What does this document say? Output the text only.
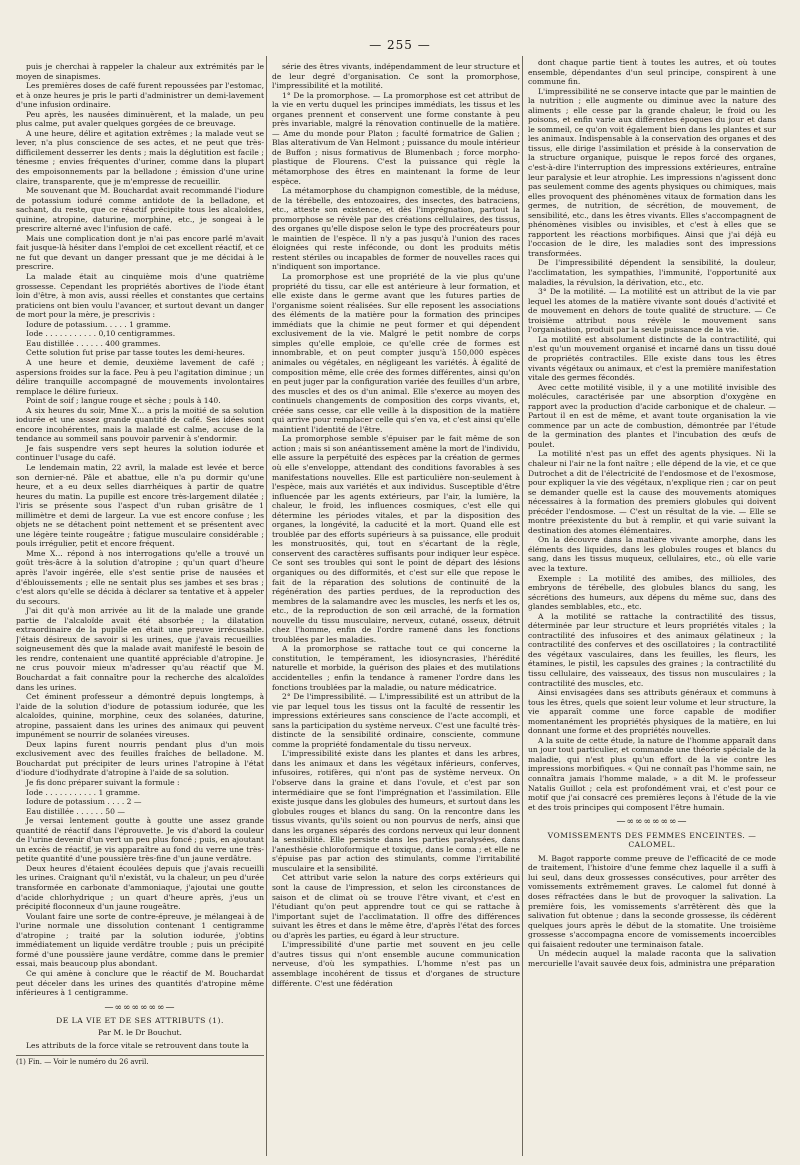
— 255 —

puis je cherchai à rappeler la chaleur aux extrémités par le moyen de sinapismes.

Les premières doses de café furent repoussées par l'estomac, et à onze heures je pris le parti d'administrer un demi-lavement d'une infusion ordinaire.

Peu après, les nausées diminuèrent, et la malade, un peu plus calme, put avaler quelques gorgées de ce breuvage.

A une heure, délire et agitation extrêmes ; la malade veut se lever, n'a plus conscience de ses actes, et ne peut que très-difficilement desserrer les dents ; mais la déglutition est facile ; ténesme ; envies fréquentes d'uriner, comme dans la plupart des empoisonnements par la belladone ; émission d'une urine claire, transparente, que je m'empresse de recueillir.

Me souvenant que M. Bouchardat avait recommandé l'iodure de potassium ioduré comme antidote de la belladone, et sachant, du reste, que ce réactif précipite tous les alcaloïdes, quinine, atropine, daturine, morphine, etc., je songeai à le prescrire alterné avec l'infusion de café.

Mais une complication dont je n'ai pas encore parlé m'avait fait jusque-là hésiter dans l'emploi de cet excellent réactif, et ce ne fut que devant un danger pressant que je me décidai à le prescrire.

La malade était au cinquième mois d'une quatrième grossesse. Cependant les propriétés abortives de l'iode étant loin d'être, à mon avis, aussi réelles et constantes que certains praticiens ont bien voulu l'avancer, et surtout devant un danger de mort pour la mère, je prescrivis :

Iodure de potassium. . . . . 1 gramme.

Iode . . . . . . . . . . . 0,10 centigrammes.

Eau distillée . . . . . . 400 grammes.

Cette solution fut prise par tasse toutes les demi-heures.

A une heure et demie, deuxième lavement de café ; aspersions froides sur la face. Peu à peu l'agitation diminue ; un délire tranquille accompagné de mouvements involontaires remplace le délire furieux.

Point de soif ; langue rouge et sèche ; pouls à 140.

A six heures du soir, Mme X... a pris la moitié de sa solution iodurée et une assez grande quantité de café. Ses idées sont encore incohérentes, mais la malade est calme, accuse de la tendance au sommeil sans pouvoir parvenir à s'endormir.

Je fais suspendre vers sept heures la solution iodurée et continuer l'usage du café.

Le lendemain matin, 22 avril, la malade est levée et berce son dernier-né. Pâle et abattue, elle n'a pu dormir qu'une heure, et a eu deux selles diarrhéiques à partir de quatre heures du matin. La pupille est encore très-largement dilatée ; l'iris se présente sous l'aspect d'un ruban grisâtre de 1 millimètre et demi de largeur. La vue est encore confuse ; les objets ne se détachent point nettement et se présentent avec une légère teinte rougeâtre ; fatigue musculaire considérable ; pouls irrégulier, petit et encore fréquent.

Mme X... répond à nos interrogations qu'elle a trouvé un goût très-âcre à la solution d'atropine ; qu'un quart d'heure après l'avoir ingérée, elle s'est sentie prise de nausées et d'éblouissements ; elle ne sentait plus ses jambes et ses bras ; c'est alors qu'elle se décida à déclarer sa tentative et à appeler du secours.

J'ai dit qu'à mon arrivée au lit de la malade une grande partie de l'alcaloïde avait été absorbée ; la dilatation extraordinaire de la pupille en était une preuve irrécusable. J'étais désireux de savoir si les urines, que j'avais recueillies soigneusement dès que la malade avait manifesté le besoin de les rendre, contenaient une quantité appréciable d'atropine. Je ne crus pouvoir mieux m'adresser qu'au réactif que M. Bouchardat a fait connaître pour la recherche des alcaloïdes dans les urines.

Cet éminent professeur a démontré depuis longtemps, à l'aide de la solution d'iodure de potassium iodurée, que les alcaloïdes, quinine, morphine, ceux des solanées, daturine, atropine, passaient dans les urines des animaux qui peuvent impunément se nourrir de solanées vireuses.

Deux lapins furent nourris pendant plus d'un mois exclusivement avec des feuilles fraîches de belladone. M. Bouchardat put précipiter de leurs urines l'atropine à l'état d'iodure d'iodhydrate d'atropine à l'aide de sa solution.

Je fis donc préparer suivant la formule :

Iode . . . . . . . . . . . 1 gramme.

Iodure de potassium . . . . 2 —

Eau distillée . . . . . . 50 —

Je versai lentement goutte à goutte une assez grande quantité de réactif dans l'éprouvette. Je vis d'abord la couleur de l'urine devenir d'un vert un peu plus foncé ; puis, en ajoutant un excès de réactif, je vis apparaître au fond du verre une très-petite quantité d'une poussière très-fine d'un jaune verdâtre.

Deux heures d'étaient écoulées depuis que j'avais recueilli les urines. Craignant qu'il n'existât, vu la chaleur, un peu d'urée transformée en carbonate d'ammoniaque, j'ajoutai une goutte d'acide chlorhydrique ; un quart d'heure après, j'eus un précipité floconneux d'un jaune rougeâtre.

Voulant faire une sorte de contre-épreuve, je mélangeai à de l'urine normale une dissolution contenant 1 centigramme d'atropine ; traité par la solution iodurée, j'obtins immédiatement un liquide verdâtre trouble ; puis un précipité formé d'une poussière jaune verdâtre, comme dans le premier essai, mais beaucoup plus abondant.

Ce qui amène à conclure que le réactif de M. Bouchardat peut déceler dans les urines des quantités d'atropine même inférieures à 1 centigramme.

—∞∞∞∞∞∞—
DE LA VIE ET DE SES ATTRIBUTS (1).
Par M. le Dr Bouchut.

Les attributs de la force vitale se retrouvent dans toute la

(1) Fin. — Voir le numéro du 26 avril.

série des êtres vivants, indépendamment de leur structure et de leur degré d'organisation. Ce sont la promorphose, l'impressibilité et la motilité.

1° De la promorphose. — La promorphose est cet attribut de la vie en vertu duquel les principes immédiats, les tissus et les organes prennent et conservent une forme constante à peu près invariable, malgré la rénovation continuelle de la matière. — Ame du monde pour Platon ; faculté formatrice de Galien ; Blas alterativum de Van Helmont ; puissance du moule intérieur de Buffon ; nisus formativus de Blumenbach ; force morpho-plastique de Flourens. C'est la puissance qui règle la métamorphose des êtres en maintenant la forme de leur espèce.

La métamorphose du champignon comestible, de la méduse, de la térébelle, des entozoaires, des insectes, des batraciens, etc., atteste son existence, et dès l'imprégnation, partout la promorphose se révèle par des créations cellulaires, des tissus, des organes qu'elle dispose selon le type des procréateurs pour le maintien de l'espèce. Il n'y a pas jusqu'à l'union des races éloignées qui reste inféconde, ou dont les produits métis restent stériles ou incapables de former de nouvelles races qui n'indiquent son importance.

La promorphose est une propriété de la vie plus qu'une propriété du tissu, car elle est antérieure à leur formation, et elle existe dans le germe avant que les futures parties de l'organisme soient réalisées. Sur elle reposent les associations des éléments de la matière pour la formation des principes immédiats que la chimie ne peut former et qui dépendent exclusivement de la vie. Malgré le petit nombre de corps simples qu'elle emploie, ce qu'elle crée de formes est innombrable, et on peut compter jusqu'à 150,000 espèces animales ou végétales, en négligeant les variétés. À égalité de composition même, elle crée des formes différentes, ainsi qu'on en peut juger par la configuration variée des feuilles d'un arbre, des muscles et des os d'un animal. Elle s'exerce au moyen des continuels changements de composition des corps vivants, et, créée sans cesse, car elle veille à la disposition de la matière qui arrive pour remplacer celle qui s'en va, et c'est ainsi qu'elle maintient l'identité de l'être.

La promorphose semble s'épuiser par le fait même de son action ; mais si son anéantissement amène la mort de l'individu, elle assure la perpétuité des espèces par la création de germes où elle s'enveloppe, attendant des conditions favorables à ses manifestations nouvelles. Elle est particulière non-seulement à l'espèce, mais aux variétés et aux individus. Susceptible d'être influencée par les agents extérieurs, par l'air, la lumière, la chaleur, le froid, les influences cosmiques, c'est elle qui détermine les périodes vitales, et par la disposition des organes, la longévité, la caducité et la mort. Quand elle est troublée par des efforts supérieurs à sa puissance, elle produit les monstruosités, qui, tout en s'écartant de la règle, conservent des caractères suffisants pour indiquer leur espèce. Ce sont ses troubles qui sont le point de départ des lésions organiques ou des difformités, et c'est sur elle que repose le fait de la réparation des solutions de continuité de la régénération des parties perdues, de la reproduction des membres de la salamandre avec les muscles, les nerfs et les os, etc., de la reproduction de son œil arraché, de la formation nouvelle du tissu musculaire, nerveux, cutané, osseux, détruit chez l'homme, enfin de l'ordre ramené dans les fonctions troublées par les maladies.

A la promorphose se rattache tout ce qui concerne la constitution, le tempérament, les idiosyncrasies, l'hérédité naturelle et morbide, la guérison des plaies et des mutilations accidentelles ; enfin la tendance à ramener l'ordre dans les fonctions troublées par la maladie, ou nature médicatrice.

2° De l'impressibilité. — L'impressibilité est un attribut de la vie par lequel tous les tissus ont la faculté de ressentir les impressions extérieures sans conscience de l'acte accompli, et sans la participation du système nerveux. C'est une faculté très-distincte de la sensibilité ordinaire, consciente, commune comme la propriété fondamentale du tissu nerveux.

L'impressibilité existe dans les plantes et dans les arbres, dans les animaux et dans les végétaux inférieurs, conferves, infusoires, rotifères, qui n'ont pas de système nerveux. On l'observe dans la graine et dans l'ovule, et c'est par son intermédiaire que se font l'imprégnation et l'assimilation. Elle existe jusque dans les globules des humeurs, et surtout dans les globules rouges et blancs du sang. On la rencontre dans les tissus vivants, qu'ils soient ou non pourvus de nerfs, ainsi que dans les organes séparés des cordons nerveux qui leur donnent la sensibilité. Elle persiste dans les parties paralysées, dans l'anesthésie chloroformique et toxique, dans le coma ; et elle ne s'épuise pas par action des stimulants, comme l'irritabilité musculaire et la sensibilité.

Cet attribut varie selon la nature des corps extérieurs qui sont la cause de l'impression, et selon les circonstances de saison et de climat où se trouve l'être vivant, et c'est en l'étudiant qu'on peut apprendre tout ce qui se rattache à l'important sujet de l'acclimatation. Il offre des différences suivant les êtres et dans le même être, d'après l'état des forces ou d'après les parties, eu égard à leur structure.

L'impressibilité d'une partie met souvent en jeu celle d'autres tissus qui n'ont ensemble aucune communication nerveuse, d'où les sympathies. L'homme n'est pas un assemblage incohérent de tissus et d'organes de structure différente. C'est une fédération

dont chaque partie tient à toutes les autres, et où toutes ensemble, dépendantes d'un seul principe, conspirent à une commune fin.

L'impressibilité ne se conserve intacte que par le maintien de la nutrition ; elle augmente ou diminue avec la nature des aliments ; elle cesse par la grande chaleur, le froid ou les poisons, et enfin varie aux différentes époques du jour et dans le sommeil, ce qu'on voit également bien dans les plantes et sur les animaux. Indispensable à la conservation des organes et des tissus, elle dirige l'assimilation et préside à la conservation de la structure organique, puisque le repos forcé des organes, c'est-à-dire l'interruption des impressions extérieures, entraîne leur paralysie et leur atrophie. Les impressions n'agissent donc pas seulement comme des agents physiques ou chimiques, mais elles provoquent des phénomènes vitaux de formation dans les germes, de nutrition, de sécrétion, de mouvement, de sensibilité, etc., dans les êtres vivants. Elles s'accompagnent de phénomènes visibles ou invisibles, et c'est à elles que se rapportent les réactions morbifiques. Ainsi que j'ai déjà eu l'occasion de le dire, les maladies sont des impressions transformées.

De l'impressibilité dépendent la sensibilité, la douleur, l'acclimatation, les sympathies, l'immunité, l'opportunité aux maladies, la révulsion, la dérivation, etc., etc.

3° De la motilité. — La motilité est un attribut de la vie par lequel les atomes de la matière vivante sont doués d'activité et de mouvement en dehors de toute qualité de structure. — Ce troisième attribut nous révèle le mouvement sans l'organisation, produit par la seule puissance de la vie.

La motilité est absolument distincte de la contractilité, qui n'est qu'un mouvement organisé et incarné dans un tissu doué de propriétés contractiles. Elle existe dans tous les êtres vivants végétaux ou animaux, et c'est la première manifestation vitale des germes fécondés.

Avec cette motilité visible, il y a une motilité invisible des molécules, caractérisée par une absorption d'oxygène en rapport avec la production d'acide carbonique et de chaleur. — Partout il en est de même, et avant toute organisation la vie commence par un acte de combustion, démontrée par l'étude de la germination des plantes et l'incubation des œufs de poulet.

La motilité n'est pas un effet des agents physiques. Ni la chaleur ni l'air ne la font naître ; elle dépend de la vie, et ce que Dutrochet a dit de l'électricité de l'endosmose et de l'exosmose, pour expliquer la vie des végétaux, n'explique rien ; car on peut se demander quelle est la cause des mouvements atomiques nécessaires à la formation des premiers globules qui doivent précéder l'endosmose. — C'est un résultat de la vie. — Elle se montre préexistente du but à remplir, et qui varie suivant la destination des atomes élémentaires.

On la découvre dans la matière vivante amorphe, dans les éléments des liquides, dans les globules rouges et blancs du sang, dans les tissus muqueux, cellulaires, etc., où elle varie avec la texture.

Exemple : La motilité des amibes, des millioles, des embryons de térébelle, des globules blancs du sang, les sécrétions des humeurs, aux dépens du même suc, dans des glandes semblables, etc., etc.

A la motilité se rattache la contractilité des tissus, déterminée par leur structure et leurs propriétés vitales ; la contractilité des infusoires et des animaux gélatineux ; la contractilité des conferves et des oscillatoires ; la contractilité des végétaux vasculaires, dans les feuilles, les fleurs, les étamines, le pistil, les capsules des graines ; la contractilité du tissu cellulaire, des vaisseaux, des tissus non musculaires ; la contractilité des muscles, etc.

Ainsi envisagées dans ses attributs généraux et communs à tous les êtres, quels que soient leur volume et leur structure, la vie apparaît comme une force capable de modifier momentanément les propriétés physiques de la matière, en lui donnant une forme et des propriétés nouvelles.

A la suite de cette étude, la nature de l'homme apparaît dans un jour tout particulier, et commande une théorie spéciale de la maladie, qui n'est plus qu'un effort de la vie contre les impressions morbifiques. « Qui ne connaît pas l'homme sain, ne connaîtra jamais l'homme malade, » a dit M. le professeur Natalis Guillot ; cela est profondément vrai, et c'est pour ce motif que j'ai consacré ces premières leçons à l'étude de la vie et des trois principes qui composent l'être humain.

—∞∞∞∞∞∞—
VOMISSEMENTS DES FEMMES ENCEINTES. — CALOMEL.

M. Bagot rapporte comme preuve de l'efficacité de ce mode de traitement, l'histoire d'une femme chez laquelle il a suffi à lui seul, dans deux grossesses consécutives, pour arrêter des vomissements extrêmement graves. Le calomel fut donné à doses réfractées dans le but de provoquer la salivation. La première fois, les vomissements s'arrêtèrent dès que la salivation fut obtenue ; dans la seconde grossesse, ils cédèrent quelques jours après le début de la stomatite. Une troisième grossesse s'accompagna encore de vomissements incoercibles qui faisaient redouter une terminaison fatale.

Un médecin auquel la malade raconta que la salivation mercurielle l'avait sauvée deux fois, administra une préparation
